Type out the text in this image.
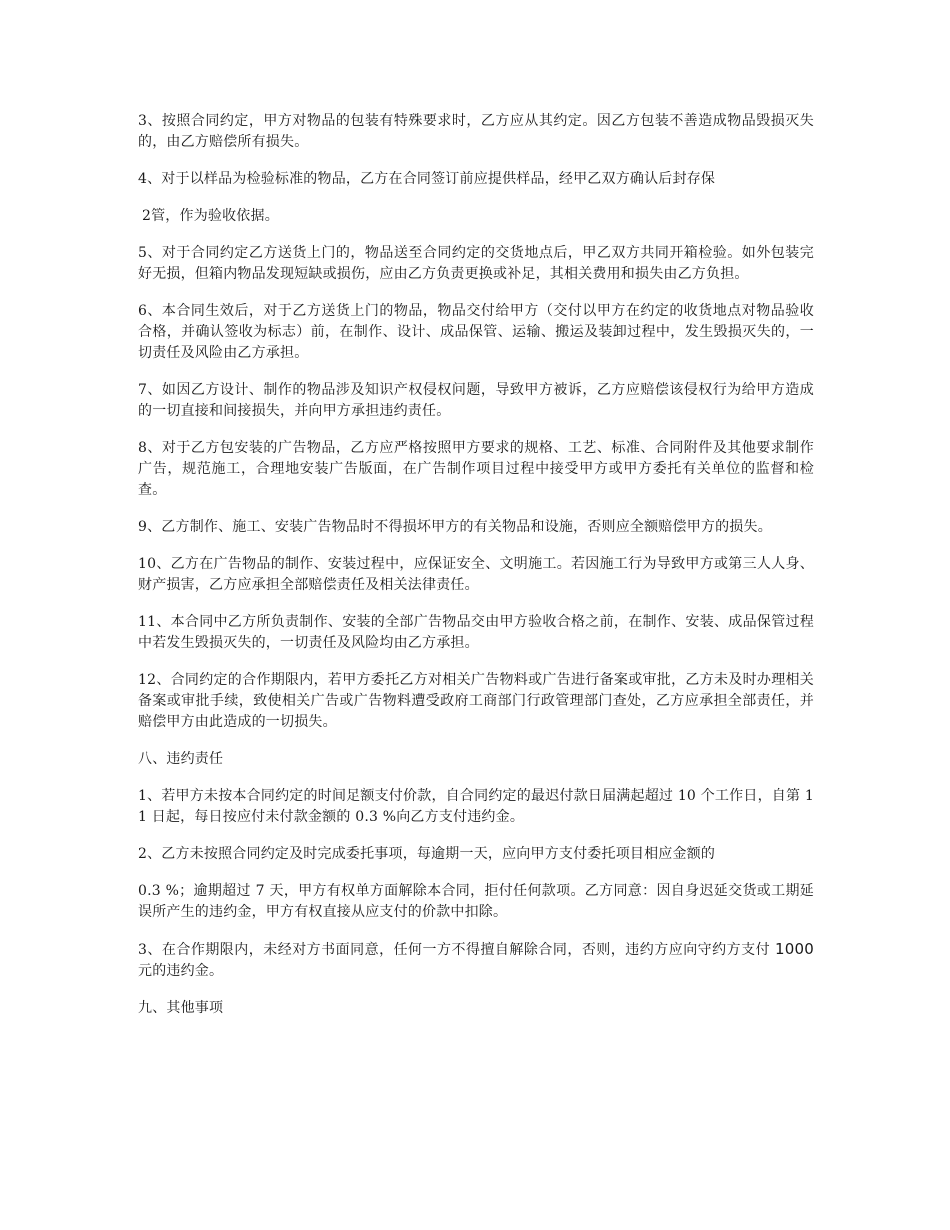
3、按照合同约定，甲方对物品的包装有特殊要求时，乙方应从其约定。因乙方包装不善造成物品毁损灭失的，由乙方赔偿所有损失。

4、对于以样品为检验标准的物品，乙方在合同签订前应提供样品，经甲乙双方确认后封存保

2管，作为验收依据。

5、对于合同约定乙方送货上门的，物品送至合同约定的交货地点后，甲乙双方共同开箱检验。如外包装完好无损，但箱内物品发现短缺或损伤，应由乙方负责更换或补足，其相关费用和损失由乙方负担。

6、本合同生效后，对于乙方送货上门的物品，物品交付给甲方（交付以甲方在约定的收货地点对物品验收合格，并确认签收为标志）前，在制作、设计、成品保管、运输、搬运及装卸过程中，发生毁损灭失的，一切责任及风险由乙方承担。

7、如因乙方设计、制作的物品涉及知识产权侵权问题，导致甲方被诉，乙方应赔偿该侵权行为给甲方造成的一切直接和间接损失，并向甲方承担违约责任。

8、对于乙方包安装的广告物品，乙方应严格按照甲方要求的规格、工艺、标准、合同附件及其他要求制作广告，规范施工，合理地安装广告版面，在广告制作项目过程中接受甲方或甲方委托有关单位的监督和检查。

9、乙方制作、施工、安装广告物品时不得损坏甲方的有关物品和设施，否则应全额赔偿甲方的损失。

10、乙方在广告物品的制作、安装过程中，应保证安全、文明施工。若因施工行为导致甲方或第三人人身、财产损害，乙方应承担全部赔偿责任及相关法律责任。

11、本合同中乙方所负责制作、安装的全部广告物品交由甲方验收合格之前，在制作、安装、成品保管过程中若发生毁损灭失的，一切责任及风险均由乙方承担。

12、合同约定的合作期限内，若甲方委托乙方对相关广告物料或广告进行备案或审批，乙方未及时办理相关备案或审批手续，致使相关广告或广告物料遭受政府工商部门行政管理部门查处，乙方应承担全部责任，并赔偿甲方由此造成的一切损失。

八、违约责任

1、若甲方未按本合同约定的时间足额支付价款，自合同约定的最迟付款日届满起超过 10 个工作日，自第 11 日起，每日按应付未付款金额的 0.3 %向乙方支付违约金。

2、乙方未按照合同约定及时完成委托事项，每逾期一天，应向甲方支付委托项目相应金额的

0.3 %；逾期超过 7 天，甲方有权单方面解除本合同，拒付任何款项。乙方同意：因自身迟延交货或工期延误所产生的违约金，甲方有权直接从应支付的价款中扣除。

3、在合作期限内，未经对方书面同意，任何一方不得擅自解除合同，否则，违约方应向守约方支付 1000 元的违约金。

九、其他事项
